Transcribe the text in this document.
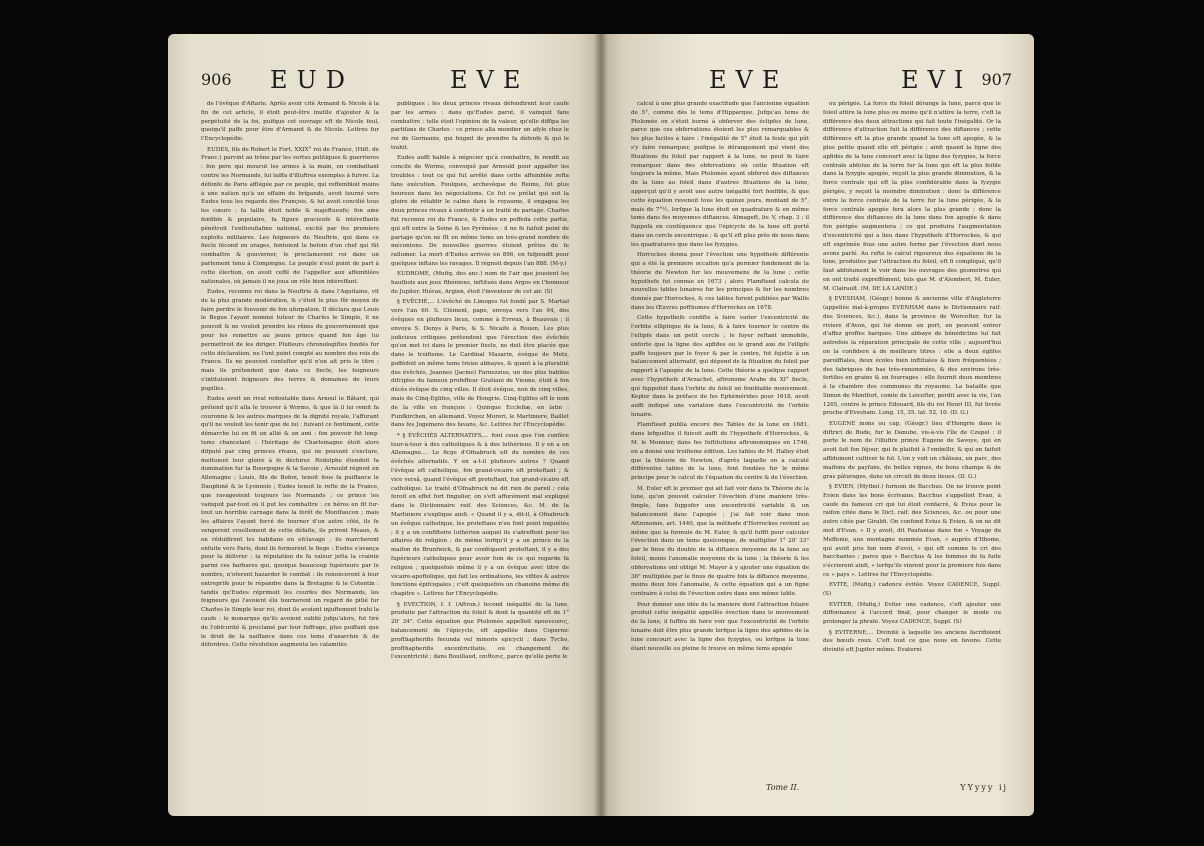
906 EUD	EVE

de l'évêque d'Aftarie. Après avoir cité Armand & Nicole à la fin de cet article, il étoit peut-être inutile d'ajouter & la perpétuité de la foi, puifque cet ouvrage eft de Nicole feul, quoiqu'il paffe pour être d'Armand & de Nicole. Lettres fur l'Encyclopédie.

EUDES, fils de Robert le Fort, XXIX° roi de France, (Hift. de Franc.) parvint au trône par les vertus politiques & guerrieres : fon pere qui mourut les armes à la main, en combattant contre les Normands, lui laiffa d'illuftres exemples à fuivre. La défenfe de Paris affiégée par ce peuple, qui reffembloit moins à une nation qu'à un effaim de brigands, avoit tourné vers Eudes tous les regards des François, & lui avoit concilié tous les cœurs : fa taille étoit noble & majeftueufe; fon ame fenfible & populaire, fa figure gracieufe & intéreffante pénétroit l'enthoufiafme national, excité par fes premiers exploits militaires. Les feigneurs de Neuftrie, qui dans ce fiecle fécond en orages, fentoient le befoin d'un chef qui fût combattre & gouverner, le proclamerent roi dans un parlement tenu à Compiegne. Le peuple n'eut point de part à cette élection, on avoit ceffé de l'appeller aux affemblées nationales, où jamais il ne joua un rôle bien intéreffant.

Eudes, reconnu roi dans la Neuftrie & dans l'Aquitaine, vit de la plus grande modération, & c'étoit le plus fûr moyen de faire perdre le fouvenir de fon ufurpation. Il déclara que Louis le Begue l'ayant nommé tuteur de Charles le Simple, il ne pouvoit & ne vouloit prendre les rênes du gouvernement que pour les remettre au jeune prince quand fon âge lui permettroit de les diriger. Plufieurs chronologiftes fondés fur cette déclaration, ne l'ont point compté au nombre des rois de France. Ils ne peuvent contefter qu'il n'en ait pris le titre ; mais ils prétendent que dans ce fiecle, les feigneurs s'intituloient feigneurs des terres & domaines de leurs pupilles.

Eudes avoit un rival redoutable dans Arnoul le Bâtard, qui prétend qu'il alla le trouver à Worms, & que là il lui remit fa couronne & les autres marques de la dignité royale, l'affurant qu'il ne vouloit les tenir que de lui : fuivant ce fentiment, cette démarche lui en fit un allié & un ami : fon pouvoir fut long-tems chancelant : l'héritage de Charlemagne étoit alors difputé par cinq princes rivaux, qui ne pouvant s'exclure, mettoient leur gloire à fe déchirer. Rodolphe étendoit fa domination fur la Bourgogne & la Savoie ; Arnould régnoit en Allemagne ; Louis, fils de Bofon, tenoit fous fa puiffance le Dauphiné & le Lyonnois ; Eudes tenoit le refte de la France, que ravageoient toujours les Normands ; ce prince les vainquit par-tout où il put les combattre : ce héros en fit fur-tout un horrible carnage dans la forêt de Montfaucon ; mais les affaires l'ayant forcé de tourner d'un autre côté, ils fe vengerent cruellement de cette défaite, ils prirent Meaux, & en réduifirent les habitans en efclavage ; ils marcherent enfuite vers Paris, dont ils formerent le fiege : Eudes s'avança pour la délivrer ; la réputation de fa valeur jetta la crainte parmi ces barbares qui, quoique beaucoup fupérieurs par le nombre, n'oferent hazarder le combat : ils renoncerent à leur entreprife pour fe répandre dans la Bretagne & le Cotentin : tandis qu'Eudes réprimoit les courfes des Normands, les feigneurs qui l'avoient élu tournerent un regard de pitié fur Charles le Simple leur roi, dont ils avoient injuftement trahi la caufe : le monarque qu'ils avoient oublié jufqu'alors, fut tiré de l'obfcurité & proclamé par leur fuffrage, plus puiffant que le droit de la naiffance dans ces tems d'anarchie & de défordres. Cette révolution augmenta les calamités

publiques ; les deux princes rivaux défendirent leur caufe par les armes : dans qu'Eudes parut, il vainquit fans combattre : telle étoit l'opinion de fa valeur, qu'elle diffipa les partifans de Charles : ce prince alla mendier un afyle chez le roi de Germanie, qui feignit de prendre fa défenfe & qui le trahit.

Eudes auffi habile à négocier qu'à combattre, fe rendit au concile de Worms, convoqué par Arnould pour appaifer les troubles : tout ce qui fut arrêté dans cette affemblée refta fans exécution. Foulques, archevêque de Reims, fut plus heureux dans les négociations. Ce fut ce prélat qui eut la gloire de rétablir le calme dans le royaume, il engagea les deux princes rivaux à confentir à un traité de partage. Charles fut reconnu roi de France, & Eudes en poffeda cette partie, qui eft entre la Seine & les Pyrénées : il ne fe faifoit point de partage qu'on ne fît en même tems un très-grand nombre de mécontens. De nouvelles guerres étoient prêtes de fe rallumer. La mort d'Eudes arrivée en 896, en fufpendit pour quelques inftans les ravages. Il régnoit depuis l'an 888. (M-y.)

EUDROME, (Mufiq. des anc.) nom de l'air que jouoient les hautbois aux jeux fthéniens, inftitués dans Argos en l'honneur de Jupiter. Hiérax, Argien, étoit l'inventeur de cet air. (S)

§ EVÊCHÉ,... L'évêché de Limoges fut fondé par S. Martial vers l'an 60. S. Clément, pape, envoya vers l'an 94, des évêques en plufieurs lieux, comme à Evreux, à Beauvais ; il envoya S. Denys à Paris, & S. Nicaife à Rouen. Les plus judicieux critiques prétendent que l'érection des évêchés qu'on met ici dans le premier fiecle, ne doit être placée que dans le troifieme. Le Cardinal Mazarin, évêque de Metz, poffédoit en même tems treize abbayes, & quant à la pluralité des évêchés, Jeannes (Jacme) Farnezzius, un des plus habiles difciples du fameux profeffeur Gratiani de Vienne, étoit à fon décès évêque de cinq villes. Il étoit évêque, non de cinq villes, mais de Cinq-Eglifes, ville de Hongrie. Cinq-Eglifes eft le nom de la ville en françois : Quinque Ecclefiæ, en latin : Funfkirchen, en allemand. Voyez Moreri, le Martiniere, Baillet dans fes Jugemens des favans, &c. Lettres fur l'Encyclopédie.

* § ÉVÊCHÉS ALTERNATIFS,... font ceux que l'on confère tour-à-tour à des catholiques & à des luthériens. Il y en a en Allemagne.... Le ficge d'Ofnabruck eft du nombre de ces évêchés alternatifs. Y en a-t-il plufieurs autres ? Quand l'évêque eft catholique, fon grand-vicaire eft proteftant ; & vice versâ, quand l'évêque eft proteftant, fon grand-vicaire eft catholique. Le traité d'Ofnabruck ne dit rien de pareil ; cela feroit en effet fort fingulier, on s'eft affurément mal expliqué dans le Dictionnaire raif. des Sciences, &c. M. de la Martiniere s'explique ainfi. « Quand il y a, dit-il, à Ofnabruck un évêque catholique, les proteftans n'en font point inquiétés ; il y a un confiftoire luthérien auquel ils s'adreffent pour les affaires de religion ; de même lorfqu'il y a un prince de la maifon de Brunfwick, & par conféquent proteftant, il y a des fupérieurs catholiques pour avoir foin de ce qui regarde fa religion ; quelquefois même il y a un évêque avec titre de vicaire-apoftolique, qui fait les ordinations, les vifites & autres fonctions épifcopales ; c'eft quelquefois un chanoine même du chapitre ». Lettres fur l'Encyclopédie.

§ EVECTION, f. f. (Aftron.) fecond inégalité de la lune, produite par l'attraction du foleil & dont la quantité eft de 1° 20' 34". Cette équation que Ptolomée appelloit προσνευσις, balancement de l'épicycle, eft appellée dans Copernic profthapherifis fecunda vel minoris epicycli ; dans Tycho, profthapherifis excentricitatis, ou changement de l'excentricité ; dans Bouillaud, επιθεσις, parce qu'elle porte le

EVE	EVI 907

calcul à une plus grande exactitude que l'ancienne équation de 5°, comme dès le tems d'Hipparque. Jufqu'au tems de Ptolomée on s'étoit borné à obferver des éclipfes de lune, parce que ces obfervations étoient les plus remarquables & les plus faciles à faire : l'inégalité de 5° étoit la feule qui pût s'y faire remarquer, puifque le dérangement qui vient des fituations du foleil par rapport à la lune, ne peut fe faire remarquer dans des obfervations où cette fituation eft toujours la même. Mais Ptolomée ayant obfervé des diftances de la lune au foleil dans d'autres fituations de la lune, apperçut qu'il y avoit une autre inégalité fort fenfible, & que cette équation revenoit tous les quinze jours, montant de 5°, mais de 7°½, lorfque la lune étoit en quadrature & en même tems dans fes moyennes diftances. Almageft, liv. V, chap. 3 ; il fuppofa en conféquence que l'épicycle de la lune eft porté dans un cercle excentrique ; & qu'il eft plus près de nous dans les quadratures que dans les fyzygies.

Horrockes donna pour l'évection une hypothefe différente qui a été la premiere occafion qu'a permier fondement de la théorie de Newton fur les mouvemens de la lune ; cette hypothefe fut connue en 1673 ; alors Flamfteed calcula de nouvelles tables lunaires fur les principes & fur les nombres donnés par Horrockes, & ces tables furent publiées par Wallis dans les Œuvres pofthumes d'Horrockes en 1678.

Cette hypothefe confifte à faire varier l'excentricité de l'orbite elliptique de la lune, & à faire tourner le centre de l'ellipfe dans un petit cercle ; le foyer reftant immobile, enforte que la ligne des apfides ou le grand axe de l'ellipfe paffe toujours par le foyer & par le centre, fut fujette à un balancement alternatif, qui dépend de la fituation du foleil par rapport à l'apogée de la lune. Cette théorie a quelque rapport avec l'hypothefe d'Arzachel, aftronome Arabe du XI° fiecle, qui fuppofoit dans l'orbite du foleil un femblable mouvement. Kepler dans la préface de fes Ephémérides pour 1618, avoit auffi indiqué une variation dans l'excentricité de l'orbite lunaire.

Flamfteed publia encore des Tables de la lune en 1681, dans lefquelles il fuivoit auffi de l'hypothefe d'Horrockes, & M. le Monnier, dans fes Inftitutions aftronomiques en 1746, en a donné une troifieme édition. Les tables de M. Halley étoit que la théorie de Newton, d'après laquelle on a calculé différentes tables de la lune, font fondées fur le même principe pour le calcul de l'équation du centre & de l'évection.

M. Euler eft le premier qui ait fait voir dans fa Théorie de la lune, qu'on pouvoit calculer l'évection d'une maniere très-fimple, fans fuppofer une excentricité variable & un balancement dans l'apogée ; j'ai fait voir dans mon Aftronomie, art. 1440, que la méthode d'Horrockes revient au même que la formule de M. Euler, & qu'il fuffit pour calculer l'évection dans un tems quelconque, de multiplier 1° 20' 33" par le finus du double de la diftance moyenne de la lune au foleil, moins l'anomalie moyenne de la lune ; la théorie & les obfervations ont obligé M. Mayer à y ajouter une équation de 36" multipliée par le finus de quatre fois la diftance moyenne, moins deux fois l'anomalie, & cette équation qui a un figne contraire à celui de l'évection entre dans une même table.

Pour donner une idée de la maniere dont l'attraction folaire produit cette inégalité appellée évection dans le mouvement de la lune, il fuffira de faire voir que l'excentricité de l'orbite lunaire doit être plus grande lorfque la ligne des apfides de la lune concourt avec la ligne des fyzygies, ou lorfque la lune étant nouvelle ou pleine fe trouve en même tems apogée

ou périgée. La force du foleil dérange la lune, parce que le foleil attire la lune plus ou moins qu'il n'attire la terre, c'eft la différence des deux attractions qui fait toute l'inégalité. Or la différence d'attraction fuit la différence des diftances ; cette différence eft la plus grande quand la lune eft apogée, & la plus petite quand elle eft périgée ; ainfi quand la ligne des apfides de la lune concourt avec la ligne des fyzygies, la force centrale abfolue de la terre fur la lune qui eft la plus foible dans la fyzygie apogée, reçoit la plus grande diminution, & la force centrale qui eft la plus confidérable dans la fyzygie périgée, y reçoit la moindre diminution : donc la différence entre la force centrale de la terre fur la lune périgée, & la force centrale apogée fera alors la plus grande ; donc la différence des diftances de la lune dans fon apogée & dans fon périgée augmentera ; ce qui produira l'augmentation d'excentricité qui a lieu dans l'hypothefe d'Horrockes, & qui eft exprimée fous une autre forme par l'évection dont nous avons parlé. Au refte le calcul rigoureux des équations de la lune, produites par l'attraction du foleil, eft fi compliqué, qu'il faut abfolument le voir dans les ouvrages des géometres qui en ont traité expreffément, tels que M. d'Alembert, M. Euler, M. Clairault. (M. DE LA LANDE.)

§ EVESHAM, (Géogr.) bonne & ancienne ville d'Angleterre (appellée mal-à-propos EVENHAM dans le Dictionnaire raif. des Sciences, &c.), dans la province de Worcefter, fur la riviere d'Avon, qui lui donne un port, en peuvent entrer d'affez groffes barques. Une abbaye de bénédictins lui fait autrefois la réparation principale de cette ville ; aujourd'hui on la confidere à de meilleurs titres : elle a deux églifes paroiffiales, deux écoles bien inftituées & bien fréquentées ; des fabriques de bas très-renommées, & des environs très-fertiles en grains & en fourrages : elle fournit deux membres à la chambre des communes du royaume. La bataille que Simon de Montfort, comte de Leicefter, perdit avec la vie, l'an 1265, contre le prince Edouard, fils du roi Henri III, fut livrée proche d'Evesham. Long. 15, 35. lat. 52, 10. (D. G.)

EUGENE mons ou cap, (Géogr.) lieu d'Hongrie dans le diftrict de Bude, fur le Danube, vis-à-vis l'île de Czepel : il porte le nom de l'illuftre prince Eugene de Savoye, qui en avoit fait fon féjour, qui fe plaifoit à l'embellir, & qui en faifoit affidument cultiver le fol. L'on y voit un château, un parc, des maifons de payfans, de belles vignes, de bons champs & de gras pâturages, dans un circuit de deux lieues. (D. G.)

§ EVIEN, (Mythol.) furnom de Bacchus. On ne trouve point Evien dans les bons écrivains. Bacchus s'appelloit Evan, à caufe du fameux cri qui lui étoit confacré, & Evius pour la raifon citée dans le Dict. raif. des Sciences, &c. ou pour une autre citée par Giraldi. On confond Evius & Evien, & on ne dit mot d'Evan. « Il y avoit, dit Paufanias dans fon » Voyage de Meffenie, une montagne nommée Evan, » auprès d'Ithome, qui avoit pris fon nom d'evoi, » qui eft comme le cri des bacchantes ; parce que » Bacchus & les femmes de fa fuite s'écrierent ainfi, » lorfqu'ils vinrent pour la premiere fois dans ce » pays ». Lettres fur l'Encyclopédie.

EVITE, (Mufiq.) cadence évitée. Voyez CADENCE, Suppl. (S)

EVITER, (Mufiq.) Eviter une cadence, c'eft ajouter une diffonnance à l'accord final, pour changer le mode ou prolonger la phrafe. Voyez CADENCE, Suppl. (S)

§ EVITERNE,... Divinité à laquelle les anciens facrifioient des bœufs roux. C'eft tout ce que nous en favons. Cette divinité eft Jupiter même. Evaterni

Tome II.	YYyyy ij
